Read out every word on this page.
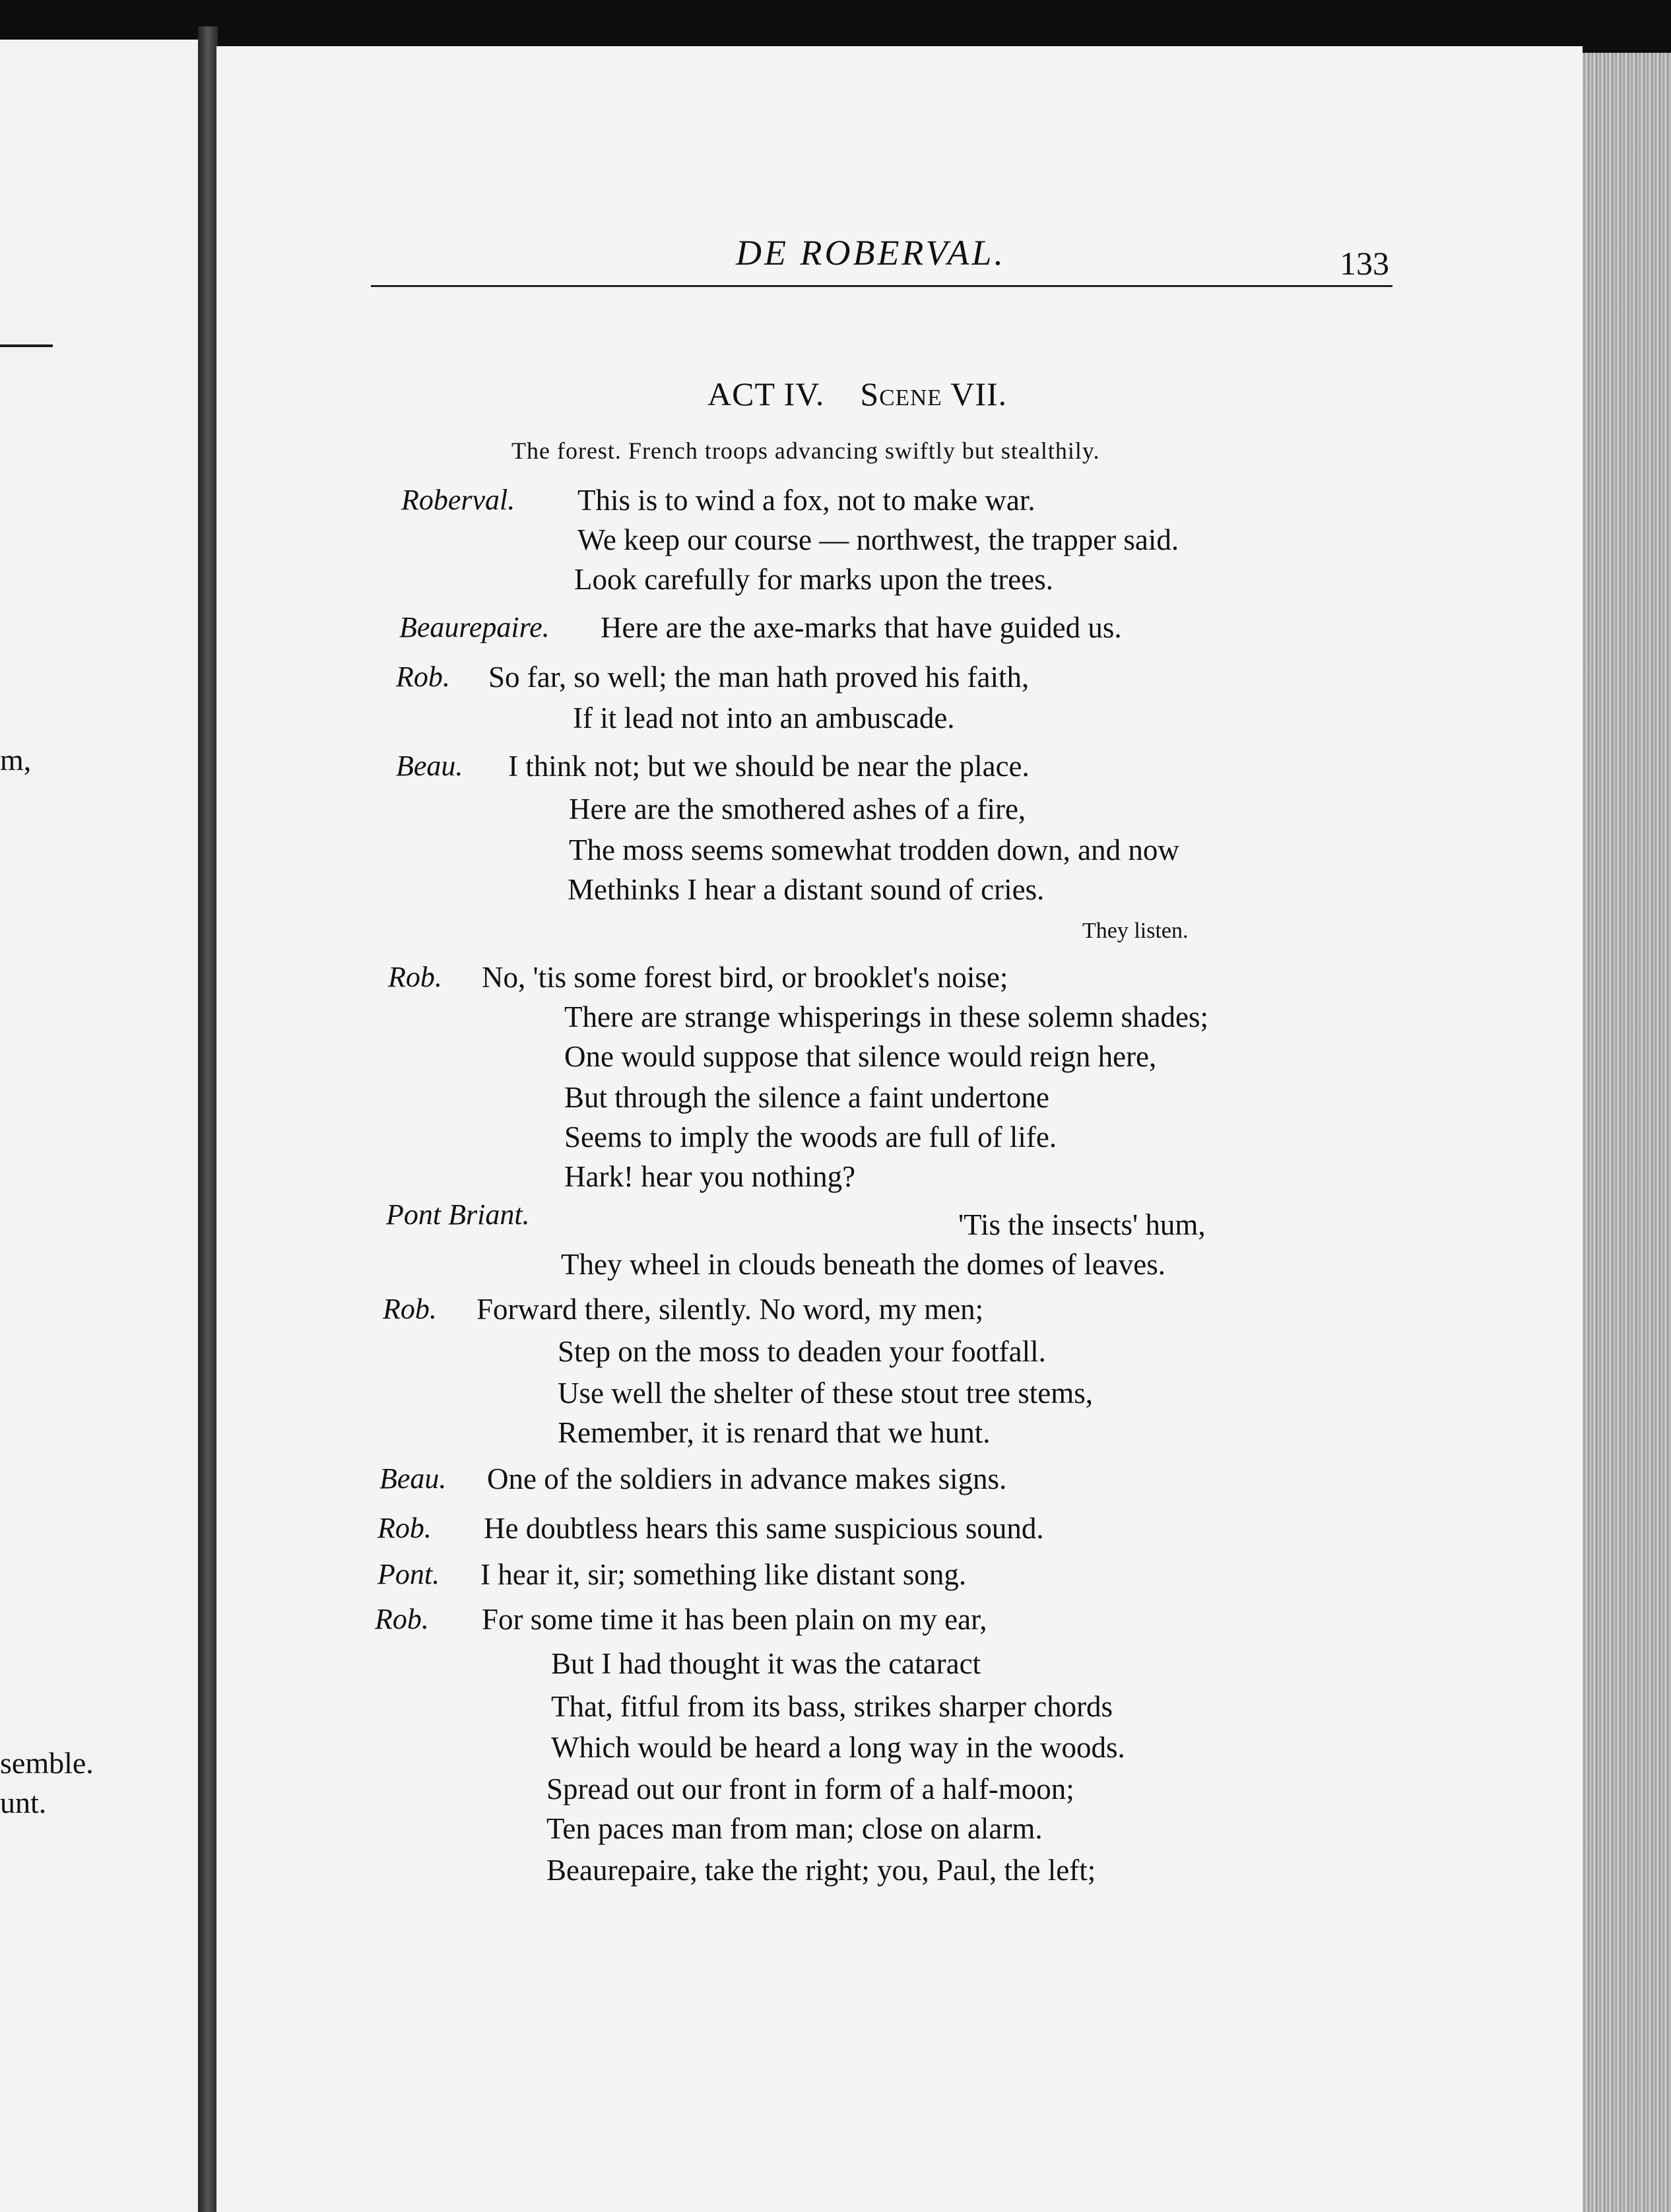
m,
semble.
unt.
DE ROBERVAL.	133
ACT IV. Scene VII.
The forest. French troops advancing swiftly but stealthily.
Roberval. This is to wind a fox, not to make war.
We keep our course — northwest, the trapper said.
Look carefully for marks upon the trees.
Beaurepaire. Here are the axe-marks that have guided us.
Rob. So far, so well; the man hath proved his faith,
If it lead not into an ambuscade.
Beau. I think not; but we should be near the place.
Here are the smothered ashes of a fire,
The moss seems somewhat trodden down, and now
Methinks I hear a distant sound of cries.
They listen.
Rob. No, 'tis some forest bird, or brooklet's noise;
There are strange whisperings in these solemn shades;
One would suppose that silence would reign here,
But through the silence a faint undertone
Seems to imply the woods are full of life.
Hark! hear you nothing?
Pont Briant.	'Tis the insects' hum,
They wheel in clouds beneath the domes of leaves.
Rob. Forward there, silently. No word, my men;
Step on the moss to deaden your footfall.
Use well the shelter of these stout tree stems,
Remember, it is renard that we hunt.
Beau. One of the soldiers in advance makes signs.
Rob. He doubtless hears this same suspicious sound.
Pont. I hear it, sir; something like distant song.
Rob. For some time it has been plain on my ear,
But I had thought it was the cataract
That, fitful from its bass, strikes sharper chords
Which would be heard a long way in the woods.
Spread out our front in form of a half-moon;
Ten paces man from man; close on alarm.
Beaurepaire, take the right; you, Paul, the left;
